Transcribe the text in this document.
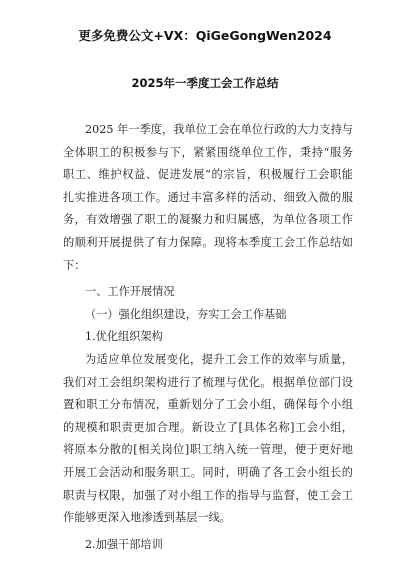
更多免费公文+VX：QiGeGongWen2024
2025年一季度工会工作总结
2025 年一季度，我单位工会在单位行政的大力支持与
全体职工的积极参与下，紧紧围绕单位工作，秉持“服务
职工、维护权益、促进发展”的宗旨，积极履行工会职能
扎实推进各项工作。通过丰富多样的活动、细致入微的服
务，有效增强了职工的凝聚力和归属感，为单位各项工作
的顺利开展提供了有力保障。现将本季度工会工作总结如
下：
一、工作开展情况
（一）强化组织建设，夯实工会工作基础
1.优化组织架构
为适应单位发展变化，提升工会工作的效率与质量，
我们对工会组织架构进行了梳理与优化。根据单位部门设
置和职工分布情况，重新划分了工会小组，确保每个小组
的规模和职责更加合理。新设立了[具体名称]工会小组，
将原本分散的[相关岗位]职工纳入统一管理，便于更好地
开展工会活动和服务职工。同时，明确了各工会小组长的
职责与权限，加强了对小组工作的指导与监督，使工会工
作能够更深入地渗透到基层一线。
2.加强干部培训
